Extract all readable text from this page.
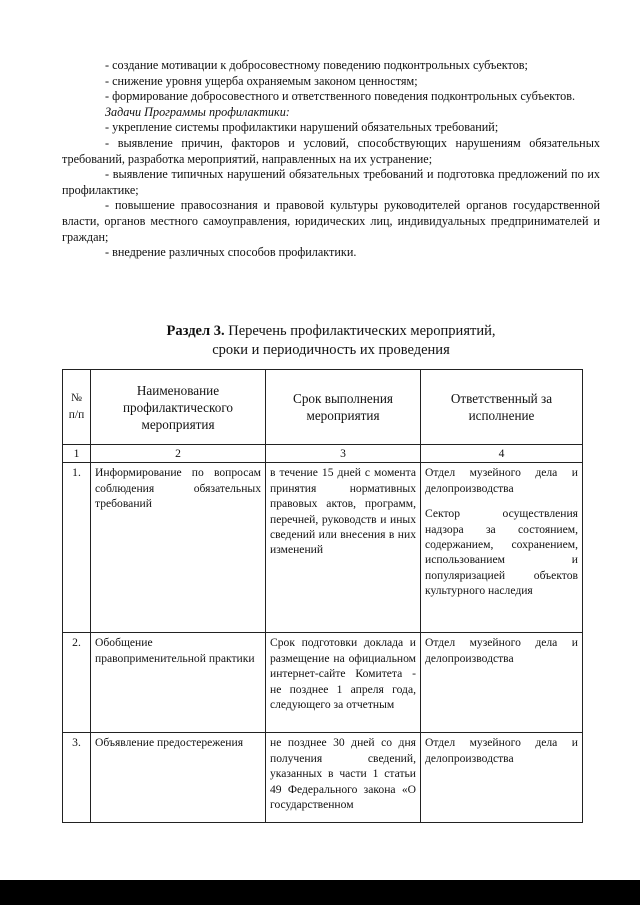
- создание мотивации к добросовестному поведению подконтрольных субъектов;

- снижение уровня ущерба охраняемым законом ценностям;

- формирование добросовестного и ответственного поведения подконтрольных субъектов.

Задачи Программы профилактики:

- укрепление системы профилактики нарушений обязательных требований;

- выявление причин, факторов и условий, способствующих нарушениям обязательных требований, разработка мероприятий, направленных на их устранение;

- выявление типичных нарушений обязательных требований и подготовка предложений по их профилактике;

- повышение правосознания и правовой культуры руководителей органов государственной власти, органов местного самоуправления, юридических лиц, индивидуальных предпринимателей и граждан;

- внедрение различных способов профилактики.

Раздел 3. Перечень профилактических мероприятий,
сроки и периодичность их проведения
№ п/п	Наименование профилактического мероприятия	Срок выполнения мероприятия	Ответственный за исполнение
1	2	3	4
1.	Информирование по вопросам соблюдения обязательных требований	в течение 15 дней с момента принятия нормативных правовых актов, программ, перечней, руководств и иных сведений или внесения в них изменений	Отдел музейного дела и делопроизводства
Сектор осуществления надзора за состоянием, содержанием, сохранением, использованием и популяризацией объектов культурного наследия

2.	Обобщение правоприменительной практики	Срок подготовки доклада и размещение на официальном интернет-сайте Комитета - не позднее 1 апреля года, следующего за отчетным	Отдел музейного дела и делопроизводства

3.	Объявление предостережения	не позднее 30 дней со дня получения сведений, указанных в части 1 статьи 49 Федерального закона «О государственном	Отдел музейного дела и делопроизводства
